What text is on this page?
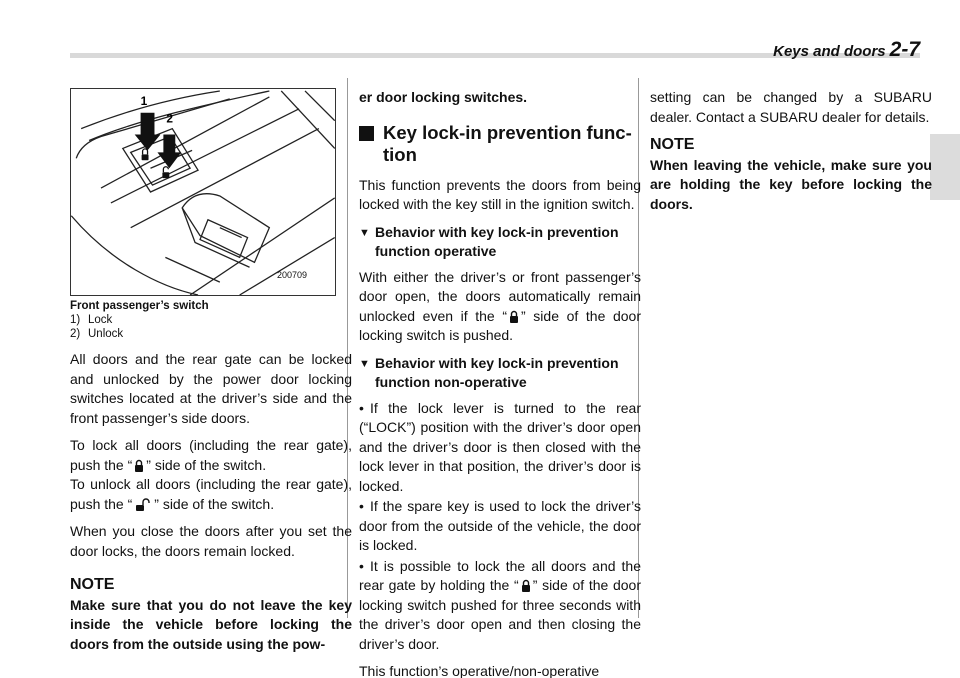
Keys and doors 2-7
1
2
200709
Front passenger’s switch
1) Lock
2) Unlock

All doors and the rear gate can be locked and unlocked by the power door locking switches located at the driver’s side and the front passenger’s side doors.

To lock all doors (including the rear gate), push the “ ” side of the switch.

To unlock all doors (including the rear gate), push the “ ” side of the switch.

When you close the doors after you set the door locks, the doors remain locked.

NOTE
Make sure that you do not leave the key inside the vehicle before locking the doors from the outside using the pow-

er door locking switches.

Key lock-in prevention func-tion

This function prevents the doors from being locked with the key still in the ignition switch.

▼ Behavior with key lock-in prevention function operative

With either the driver’s or front passenger’s door open, the doors automatically remain unlocked even if the “ ” side of the door locking switch is pushed.

▼ Behavior with key lock-in prevention function non-operative

• If the lock lever is turned to the rear (“LOCK”) position with the driver’s door open and the driver’s door is then closed with the lock lever in that position, the driver’s door is locked.

• If the spare key is used to lock the driver’s door from the outside of the vehicle, the door is locked.

• It is possible to lock the all doors and the rear gate by holding the “ ” side of the door locking switch pushed for three seconds with the driver’s door open and then closing the driver’s door.

This function’s operative/non-operative

setting can be changed by a SUBARU dealer. Contact a SUBARU dealer for details.

NOTE
When leaving the vehicle, make sure you are holding the key before locking the doors.
